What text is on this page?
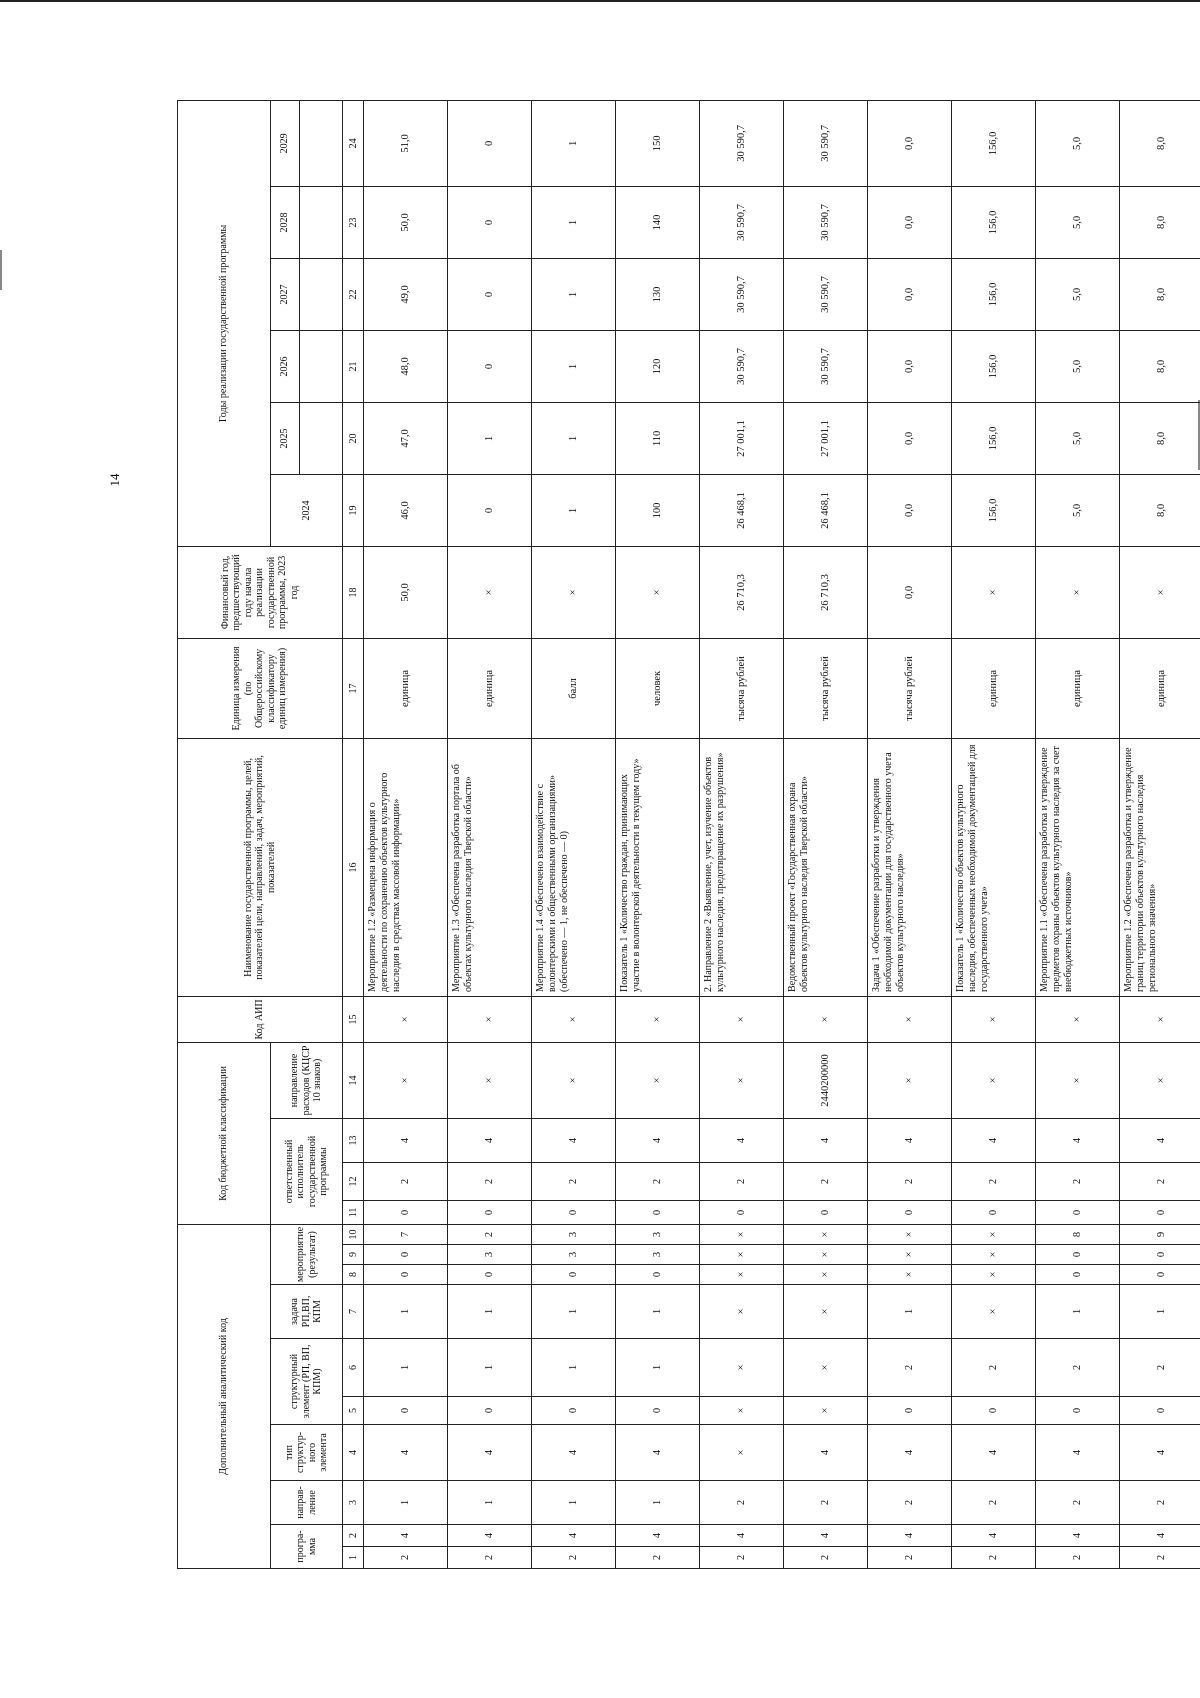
14
Дополнительный аналитический код										Код бюджетной классификации				Код АИП	Наименование государственной программы, целей, показателей цели, направлений, задач, мероприятий, показателей	Единица измерения (по Общероссийскому классификатору единиц измерения)	Финансовый год, предшествующий году начала реализации государственной программы, 2023 год	Годы реализации государственной программы					
програ-мма		направ-ление	тип структур-ного элемента	структурный элемент (РП, ВП, КПМ)		задача РП,ВП, КПМ	мероприятие (результат)			ответственный исполнитель государственной программы			направление расходов (КЦСР 10 знаков)					2024	2025	2026	2027	2028	2029

1	2	3	4	5	6	7	8	9	10	11	12	13	14	15	16	17	18	19	20	21	22	23	24
2	4	1	4	0	1	1	0	0	7	0	2	4	×	×	Мероприятие 1.2 «Размещена информация о деятельности по сохранению объектов культурного наследия в средствах массовой информации»	единица	50,0	46,0	47,0	48,0	49,0	50,0	51,0
2	4	1	4	0	1	1	0	3	2	0	2	4	×	×	Мероприятие 1.3 «Обеспечена разработка портала об объектах культурного наследия Тверской области»	единица	×	0	1	0	0	0	0
2	4	1	4	0	1	1	0	3	3	0	2	4	×	×	Мероприятие 1.4 «Обеспечено взаимодействие с волонтерскими и общественными организациями» (обеспечено — 1, не обеспечено — 0)	балл	×	1	1	1	1	1	1
2	4	1	4	0	1	1	0	3	3	0	2	4	×	×	Показатель 1 «Количество граждан, принимающих участие в волонтерской деятельности в текущем году»	человек	×	100	110	120	130	140	150
2	4	2	×	×	×	×	×	×	×	0	2	4	×	×	2. Направление 2 «Выявление, учет, изучение объектов культурного наследия, предотвращение их разрушения»	тысяча рублей	26 710,3	26 468,1	27 001,1	30 590,7	30 590,7	30 590,7	30 590,7
2	4	2	4	×	×	×	×	×	×	0	2	4	2440200000	×	Ведомственный проект «Государственная охрана объектов культурного наследия Тверской области»	тысяча рублей	26 710,3	26 468,1	27 001,1	30 590,7	30 590,7	30 590,7	30 590,7
2	4	2	4	0	2	1	×	×	×	0	2	4	×	×	Задача 1 «Обеспечение разработки и утверждения необходимой документации для государственного учета объектов культурного наследия»	тысяча рублей	0,0	0,0	0,0	0,0	0,0	0,0	0,0
2	4	2	4	0	2	×	×	×	×	0	2	4	×	×	Показатель 1 «Количество объектов культурного наследия, обеспеченных необходимой документацией для государственного учета»	единица	×	156,0	156,0	156,0	156,0	156,0	156,0
2	4	2	4	0	2	1	0	0	8	0	2	4	×	×	Мероприятие 1.1 «Обеспечена разработка и утверждение предметов охраны объектов культурного наследия за счет внебюджетных источников»	единица	×	5,0	5,0	5,0	5,0	5,0	5,0
2	4	2	4	0	2	1	0	0	9	0	2	4	×	×	Мероприятие 1.2 «Обеспечена разработка и утверждение границ территории объектов культурного наследия регионального значения»	единица	×	8,0	8,0	8,0	8,0	8,0	8,0
